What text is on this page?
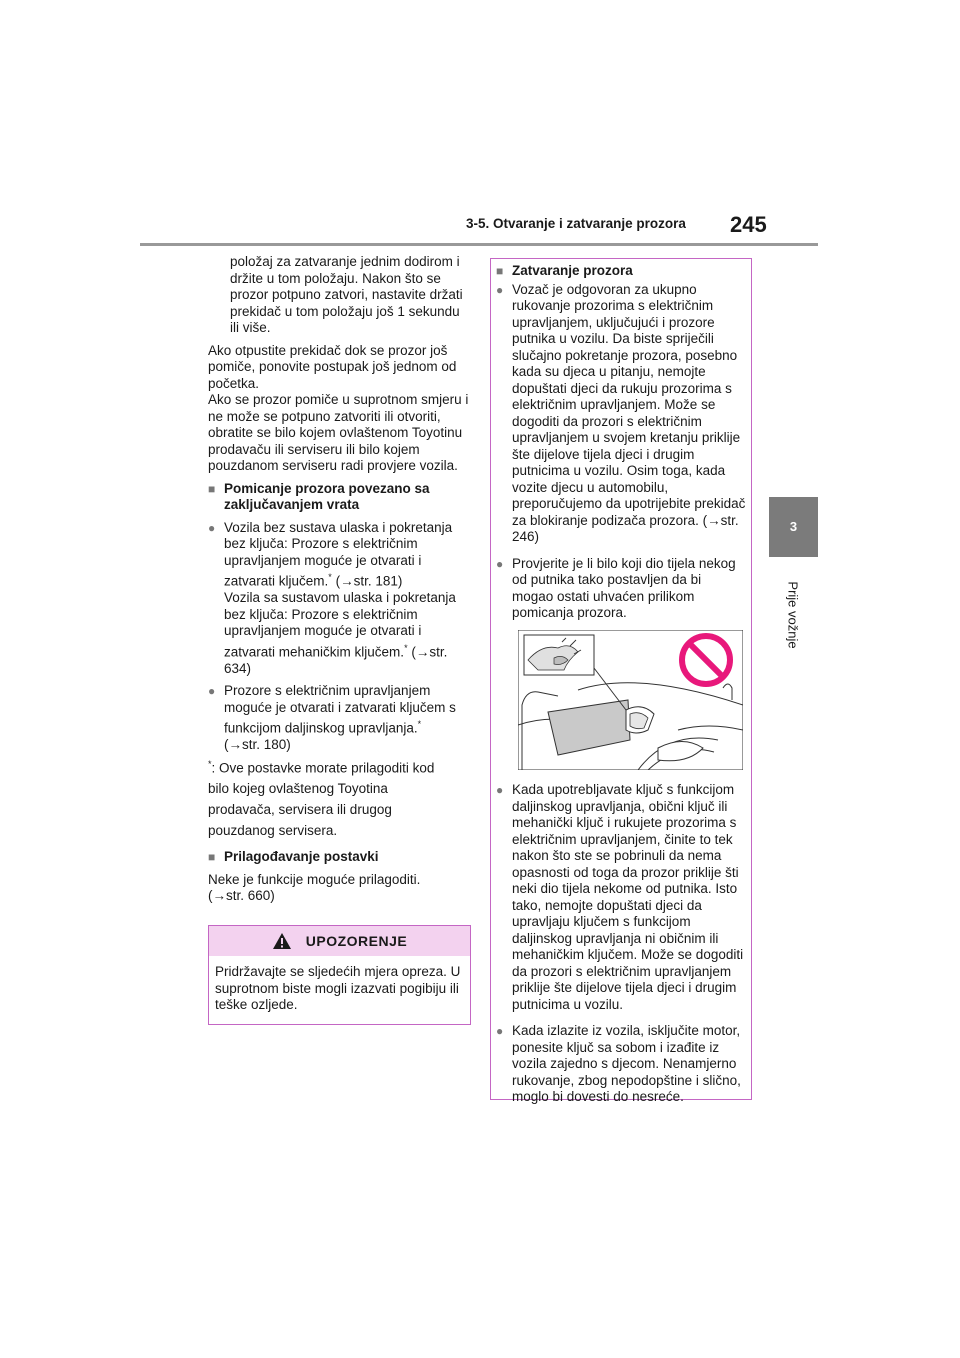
3-5. Otvaranje i zatvaranje prozora 245
3
Prije vožnje

položaj za zatvaranje jednim dodirom i držite u tom položaju. Nakon što se prozor potpuno zatvori, nastavite držati prekidač u tom položaju još 1 sekundu ili više.

Ako otpustite prekidač dok se prozor još pomiče, ponovite postupak još jednom od početka.

Ako se prozor pomiče u suprotnom smjeru i ne može se potpuno zatvoriti ili otvoriti, obratite se bilo kojem ovlaštenom Toyotinu prodavaču ili serviseru ili bilo kojem pouzdanom serviseru radi provjere vozila.

■ Pomicanje prozora povezano sa zaključavanjem vrata

● Vozila bez sustava ulaska i pokretanja bez ključa: Prozore s električnim upravljanjem moguće je otvarati i zatvarati ključem.* (→str. 181)

Vozila sa sustavom ulaska i pokretanja bez ključa: Prozore s električnim upravljanjem moguće je otvarati i zatvarati mehaničkim ključem.* (→str. 634)

● Prozore s električnim upravljanjem moguće je otvarati i zatvarati ključem s funkcijom daljinskog upravljanja.*
(→str. 180)

*: Ove postavke morate prilagoditi kod
bilo kojeg ovlaštenog Toyotina
prodavača, servisera ili drugog
pouzdanog servisera.

■ Prilagođavanje postavki

Neke je funkcije moguće prilagoditi.
(→str. 660)

UPOZORENJE
Pridržavajte se sljedećih mjera opreza. U suprotnom biste mogli izazvati pogibiju ili teške ozljede.

■ Zatvaranje prozora

● Vozač je odgovoran za ukupno rukovanje prozorima s električnim upravljanjem, uključujući i prozore putnika u vozilu. Da biste spriječili slučajno pokretanje prozora, posebno kada su djeca u pitanju, nemojte dopuštati djeci da rukuju prozorima s električnim upravljanjem. Može se dogoditi da prozori s električnim upravljanjem u svojem kretanju priklije šte dijelove tijela djeci i drugim putnicima u vozilu. Osim toga, kada vozite djecu u automobilu, preporučujemo da upotrijebite prekidač za blokiranje podizača prozora. (→str. 246)

● Provjerite je li bilo koji dio tijela nekog od putnika tako postavljen da bi mogao ostati uhvaćen prilikom pomicanja prozora.

● Kada upotrebljavate ključ s funkcijom daljinskog upravljanja, obični ključ ili mehanički ključ i rukujete prozorima s električnim upravljanjem, činite to tek nakon što ste se pobrinuli da nema opasnosti od toga da prozor priklije šti neki dio tijela nekome od putnika. Isto tako, nemojte dopuštati djeci da upravljaju ključem s funkcijom daljinskog upravljanja ni običnim ili mehaničkim ključem. Može se dogoditi da prozori s električnim upravljanjem priklije šte dijelove tijela djeci i drugim putnicima u vozilu.

● Kada izlazite iz vozila, isključite motor, ponesite ključ sa sobom i izađite iz vozila zajedno s djecom. Nenamjerno rukovanje, zbog nepodopštine i slično, moglo bi dovesti do nesreće.
